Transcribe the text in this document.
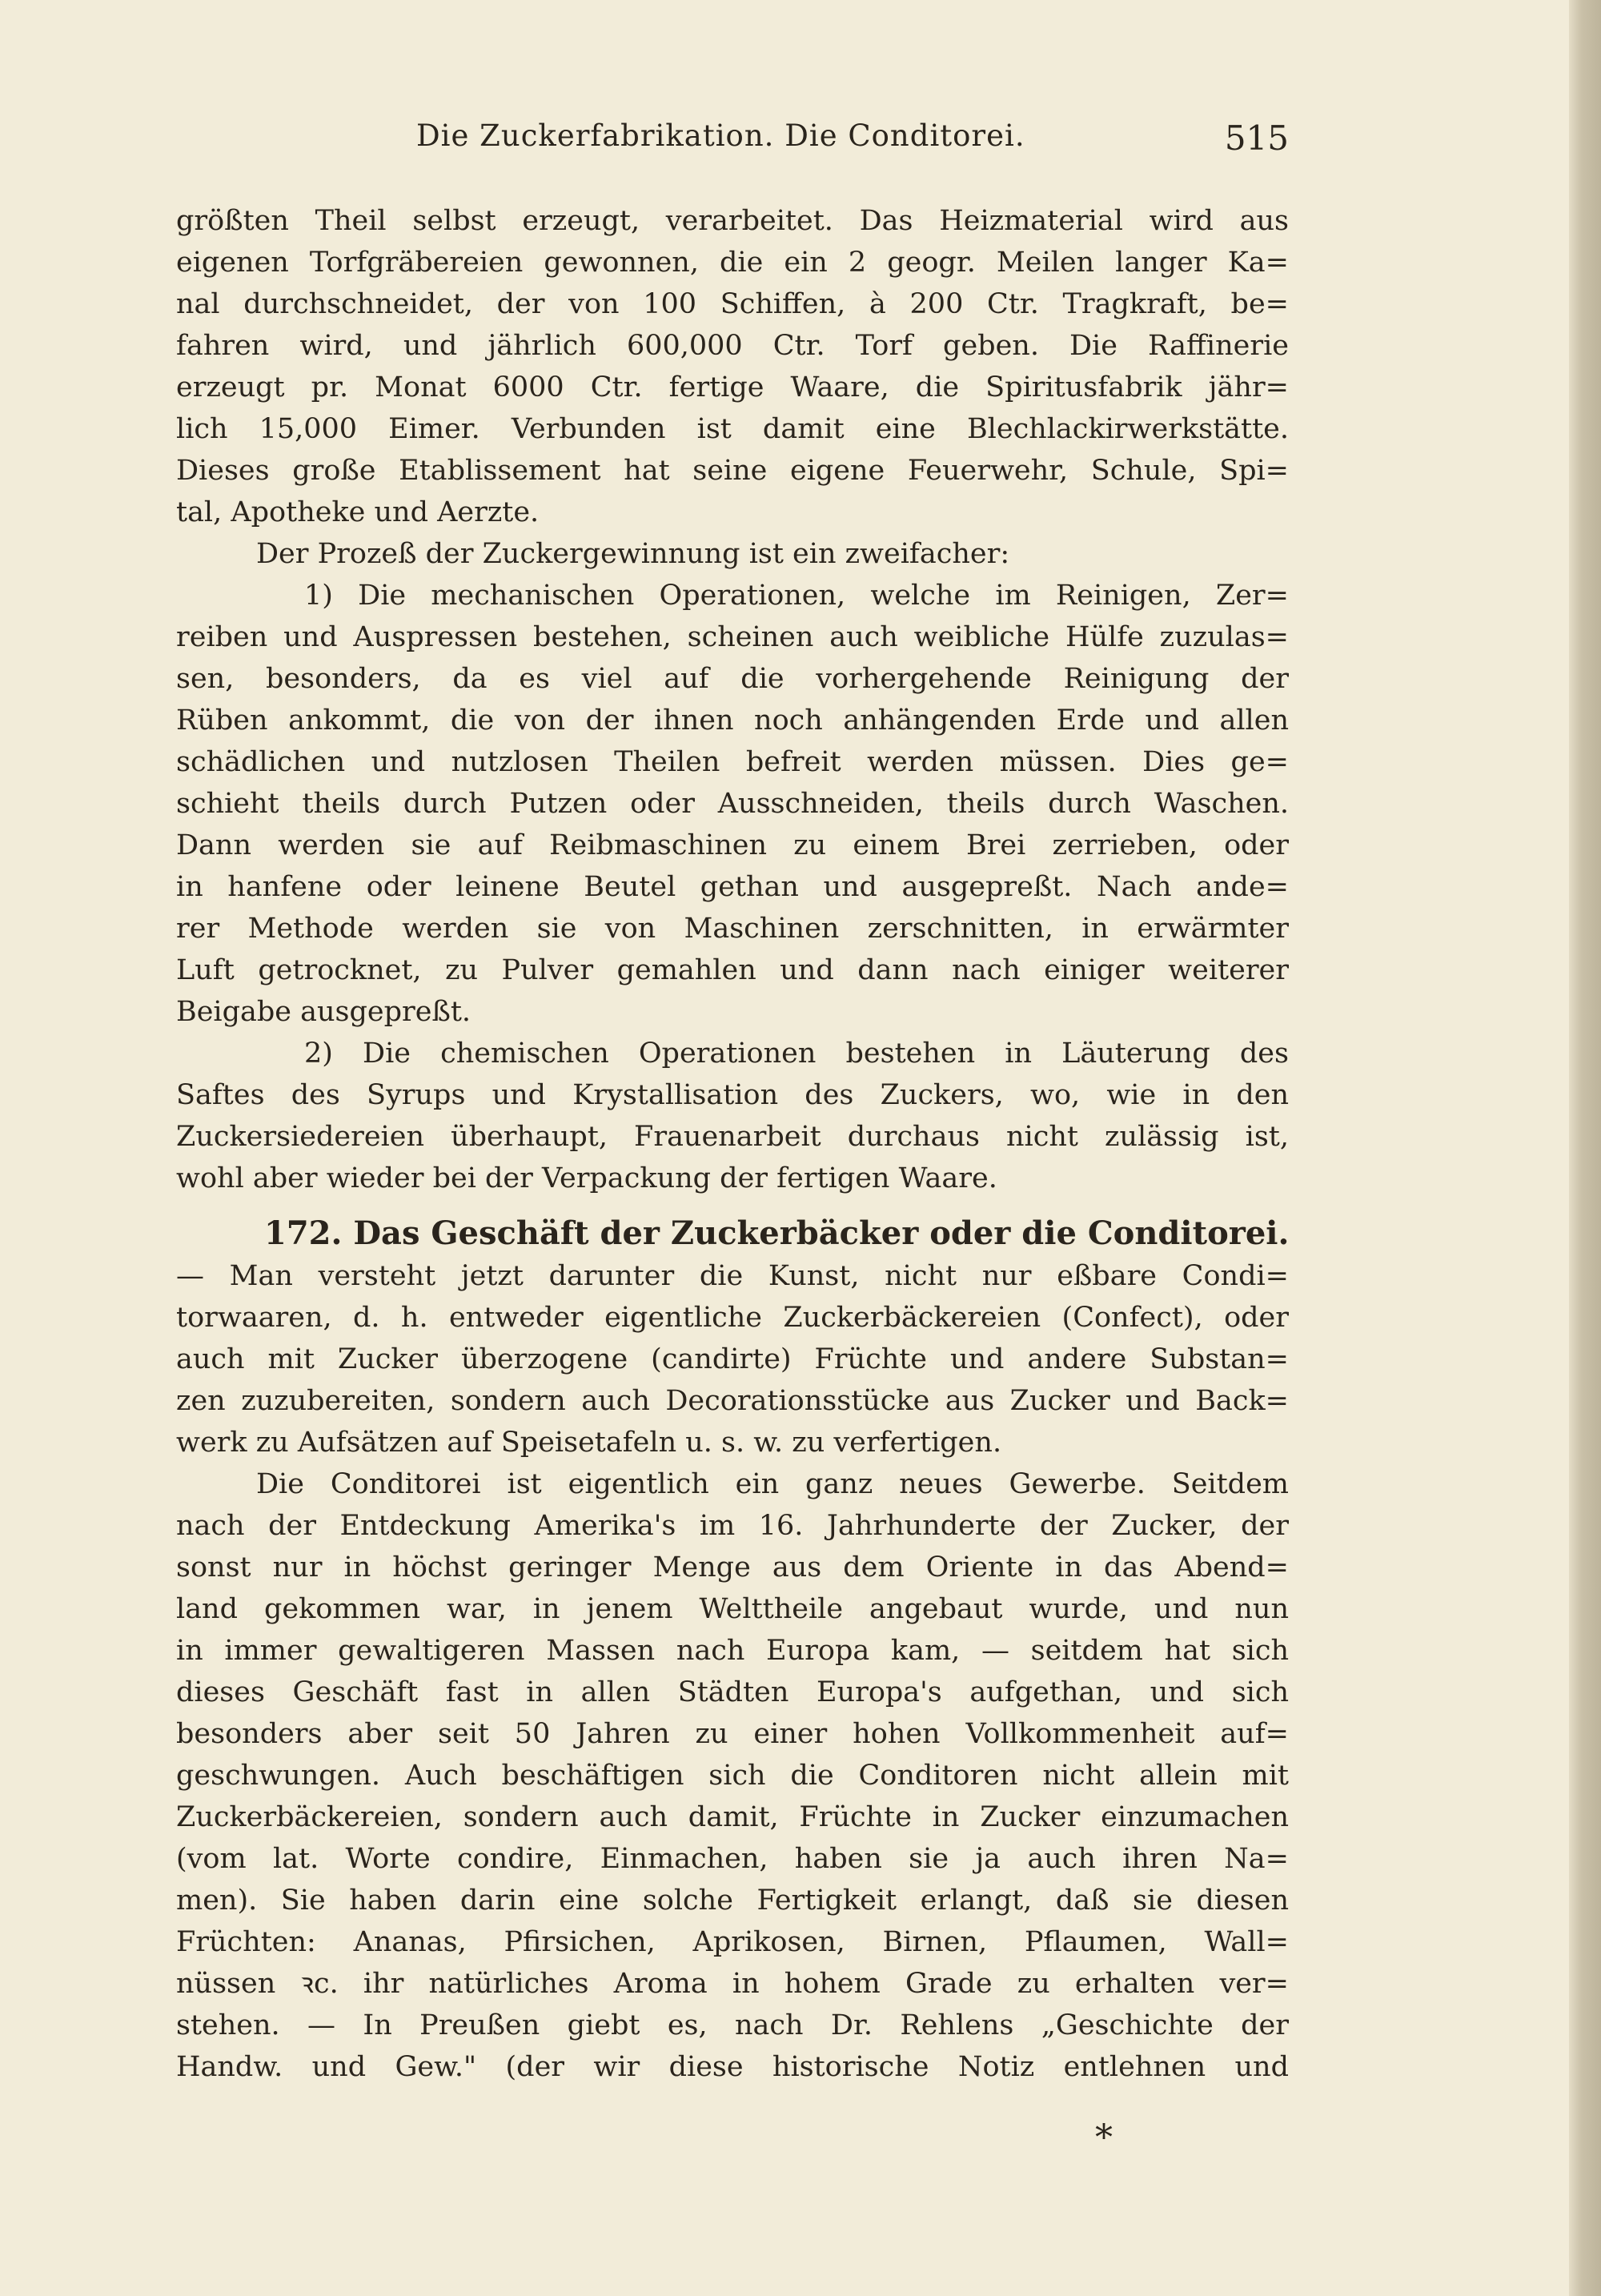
Die Zuckerfabrikation. Die Conditorei.	515
größten Theil selbst erzeugt, verarbeitet. Das Heizmaterial wird aus
eigenen Torfgräbereien gewonnen, die ein 2 geogr. Meilen langer Ka=
nal durchschneidet, der von 100 Schiffen, à 200 Ctr. Tragkraft, be=
fahren wird, und jährlich 600,000 Ctr. Torf geben. Die Raffinerie
erzeugt pr. Monat 6000 Ctr. fertige Waare, die Spiritusfabrik jähr=
lich 15,000 Eimer. Verbunden ist damit eine Blechlackirwerkstätte.
Dieses große Etablissement hat seine eigene Feuerwehr, Schule, Spi=
tal, Apotheke und Aerzte.
Der Prozeß der Zuckergewinnung ist ein zweifacher:
1) Die mechanischen Operationen, welche im Reinigen, Zer=
reiben und Auspressen bestehen, scheinen auch weibliche Hülfe zuzulas=
sen, besonders, da es viel auf die vorhergehende Reinigung der
Rüben ankommt, die von der ihnen noch anhängenden Erde und allen
schädlichen und nutzlosen Theilen befreit werden müssen. Dies ge=
schieht theils durch Putzen oder Ausschneiden, theils durch Waschen.
Dann werden sie auf Reibmaschinen zu einem Brei zerrieben, oder
in hanfene oder leinene Beutel gethan und ausgepreßt. Nach ande=
rer Methode werden sie von Maschinen zerschnitten, in erwärmter
Luft getrocknet, zu Pulver gemahlen und dann nach einiger weiterer
Beigabe ausgepreßt.
2) Die chemischen Operationen bestehen in Läuterung des
Saftes des Syrups und Krystallisation des Zuckers, wo, wie in den
Zuckersiedereien überhaupt, Frauenarbeit durchaus nicht zulässig ist,
wohl aber wieder bei der Verpackung der fertigen Waare.
172. Das Geschäft der Zuckerbäcker oder die Conditorei.
— Man versteht jetzt darunter die Kunst, nicht nur eßbare Condi=
torwaaren, d. h. entweder eigentliche Zuckerbäckereien (Confect), oder
auch mit Zucker überzogene (candirte) Früchte und andere Substan=
zen zuzubereiten, sondern auch Decorationsstücke aus Zucker und Back=
werk zu Aufsätzen auf Speisetafeln u. s. w. zu verfertigen.
Die Conditorei ist eigentlich ein ganz neues Gewerbe. Seitdem
nach der Entdeckung Amerika's im 16. Jahrhunderte der Zucker, der
sonst nur in höchst geringer Menge aus dem Oriente in das Abend=
land gekommen war, in jenem Welttheile angebaut wurde, und nun
in immer gewaltigeren Massen nach Europa kam, — seitdem hat sich
dieses Geschäft fast in allen Städten Europa's aufgethan, und sich
besonders aber seit 50 Jahren zu einer hohen Vollkommenheit auf=
geschwungen. Auch beschäftigen sich die Conditoren nicht allein mit
Zuckerbäckereien, sondern auch damit, Früchte in Zucker einzumachen
(vom lat. Worte condire, Einmachen, haben sie ja auch ihren Na=
men). Sie haben darin eine solche Fertigkeit erlangt, daß sie diesen
Früchten: Ananas, Pfirsichen, Aprikosen, Birnen, Pflaumen, Wall=
nüssen ꝛc. ihr natürliches Aroma in hohem Grade zu erhalten ver=
stehen. — In Preußen giebt es, nach Dr. Rehlens „Geschichte der
Handw. und Gew." (der wir diese historische Notiz entlehnen und
*
